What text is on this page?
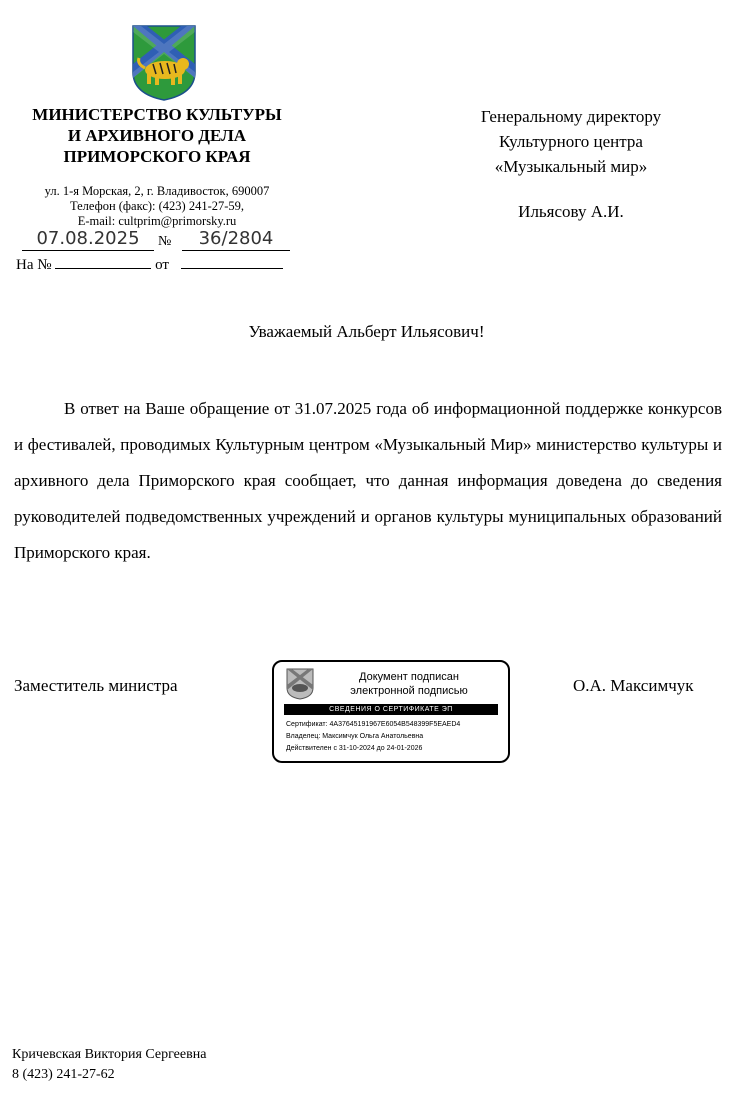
МИНИСТЕРСТВО КУЛЬТУРЫ
И АРХИВНОГО ДЕЛА
ПРИМОРСКОГО КРАЯ
ул. 1-я Морская, 2, г. Владивосток, 690007
Телефон (факс): (423) 241-27-59,
E-mail: cultprim@primorsky.ru
07.08.2025	№	36/2804
На №	от
Генеральному директору
Культурного центра
«Музыкальный мир»
Ильясову А.И.
Уважаемый Альберт Ильясович!

В ответ на Ваше обращение от 31.07.2025 года об информационной поддержке конкурсов и фестивалей, проводимых Культурным центром «Музыкальный Мир» министерство культуры и архивного дела Приморского края сообщает, что данная информация доведена до сведения руководителей подведомственных учреждений и органов культуры муниципальных образований Приморского края.

Заместитель министра	О.А. Максимчук
Документ подписан
электронной подписью
СВЕДЕНИЯ О СЕРТИФИКАТЕ ЭП
Сертификат: 4A37645191967E6054B548399F5EAED4
Владелец: Максимчук Ольга Анатольевна
Действителен с 31-10-2024 до 24-01-2026
Кричевская Виктория Сергеевна
8 (423) 241-27-62
